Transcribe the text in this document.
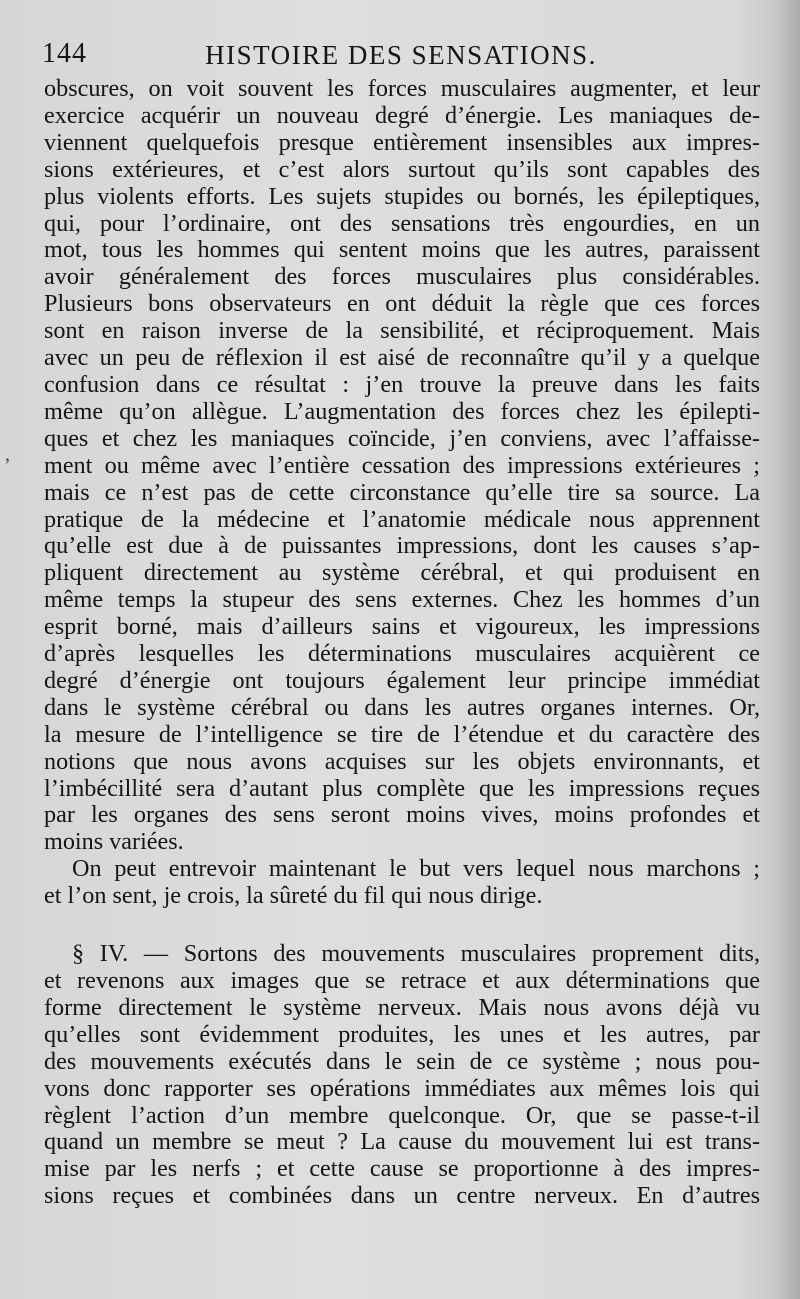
144	HISTOIRE DES SENSATIONS.
ʼ
obscures, on voit souvent les forces musculaires augmenter, et leur
exercice acquérir un nouveau degré d’énergie. Les maniaques de-
viennent quelquefois presque entièrement insensibles aux impres-
sions extérieures, et c’est alors surtout qu’ils sont capables des
plus violents efforts. Les sujets stupides ou bornés, les épileptiques,
qui, pour l’ordinaire, ont des sensations très engourdies, en un
mot, tous les hommes qui sentent moins que les autres, paraissent
avoir généralement des forces musculaires plus considérables.
Plusieurs bons observateurs en ont déduit la règle que ces forces
sont en raison inverse de la sensibilité, et réciproquement. Mais
avec un peu de réflexion il est aisé de reconnaître qu’il y a quelque
confusion dans ce résultat : j’en trouve la preuve dans les faits
même qu’on allègue. L’augmentation des forces chez les épilepti-
ques et chez les maniaques coïncide, j’en conviens, avec l’affaisse-
ment ou même avec l’entière cessation des impressions extérieures ;
mais ce n’est pas de cette circonstance qu’elle tire sa source. La
pratique de la médecine et l’anatomie médicale nous apprennent
qu’elle est due à de puissantes impressions, dont les causes s’ap-
pliquent directement au système cérébral, et qui produisent en
même temps la stupeur des sens externes. Chez les hommes d’un
esprit borné, mais d’ailleurs sains et vigoureux, les impressions
d’après lesquelles les déterminations musculaires acquièrent ce
degré d’énergie ont toujours également leur principe immédiat
dans le système cérébral ou dans les autres organes internes. Or,
la mesure de l’intelligence se tire de l’étendue et du caractère des
notions que nous avons acquises sur les objets environnants, et
l’imbécillité sera d’autant plus complète que les impressions reçues
par les organes des sens seront moins vives, moins profondes et
moins variées.
On peut entrevoir maintenant le but vers lequel nous marchons ;
et l’on sent, je crois, la sûreté du fil qui nous dirige.
§ IV. — Sortons des mouvements musculaires proprement dits,
et revenons aux images que se retrace et aux déterminations que
forme directement le système nerveux. Mais nous avons déjà vu
qu’elles sont évidemment produites, les unes et les autres, par
des mouvements exécutés dans le sein de ce système ; nous pou-
vons donc rapporter ses opérations immédiates aux mêmes lois qui
règlent l’action d’un membre quelconque. Or, que se passe-t-il
quand un membre se meut ? La cause du mouvement lui est trans-
mise par les nerfs ; et cette cause se proportionne à des impres-
sions reçues et combinées dans un centre nerveux. En d’autres
